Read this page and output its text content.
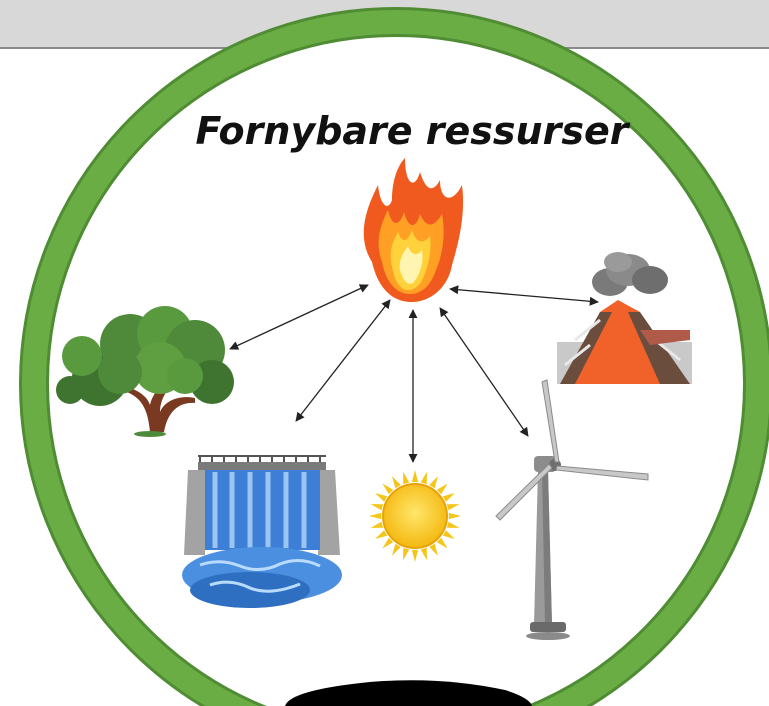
Fornybare ressurser
